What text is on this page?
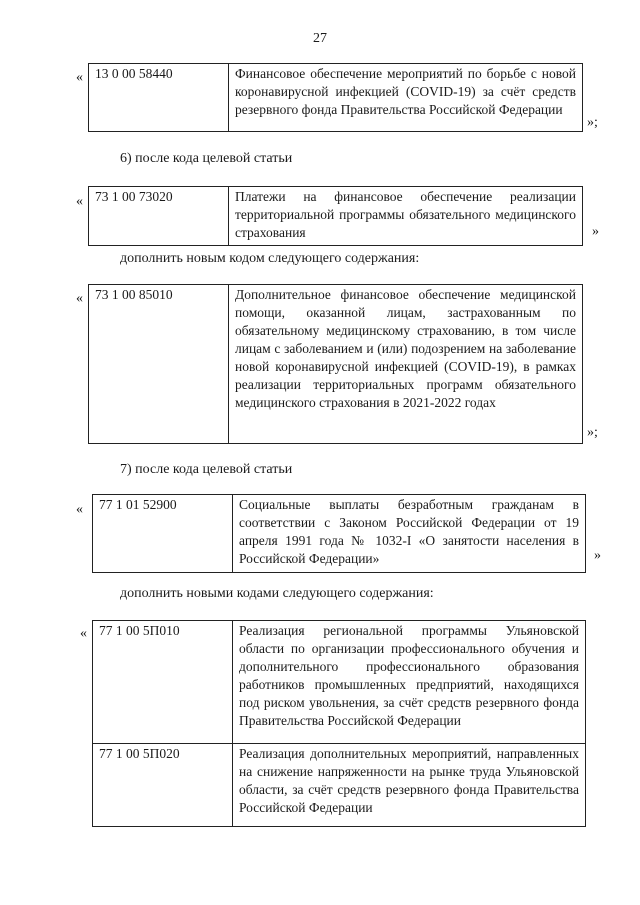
27
« 13 0 00 58440	Финансовое обеспечение мероприятий по борьбе с новой коронавирусной инфекцией (COVID-19) за счёт средств резервного фонда Правительства Российской Федерации
»;
6) после кода целевой статьи
« 73 1 00 73020	Платежи на финансовое обеспечение реализации территориальной программы обязательного медицинского страхования	»
дополнить новым кодом следующего содержания:
« 73 1 00 85010	Дополнительное финансовое обеспечение медицинской помощи, оказанной лицам, застрахованным по обязательному медицинскому страхованию, в том числе лицам с заболеванием и (или) подозрением на заболевание новой коронавирусной инфекцией (COVID-19), в рамках реализации территориальных программ обязательного медицинского страхования в 2021-2022 годах
»;
7) после кода целевой статьи
«	77 1 01 52900	Социальные выплаты безработным гражданам в соответствии с Законом Российской Федерации от 19 апреля 1991 года № 1032-I «О занятости населения в Российской Федерации»	»
дополнить новыми кодами следующего содержания:
« 77 1 00 5П010	Реализация региональной программы Ульяновской области по организации профессионального обучения и дополнительного профессионального образования работников промышленных предприятий, находящихся под риском увольнения, за счёт средств резервного фонда Правительства Российской Федерации
77 1 00 5П020	Реализация дополнительных мероприятий, направленных на снижение напряженности на рынке труда Ульяновской области, за счёт средств резервного фонда Правительства Российской Федерации
